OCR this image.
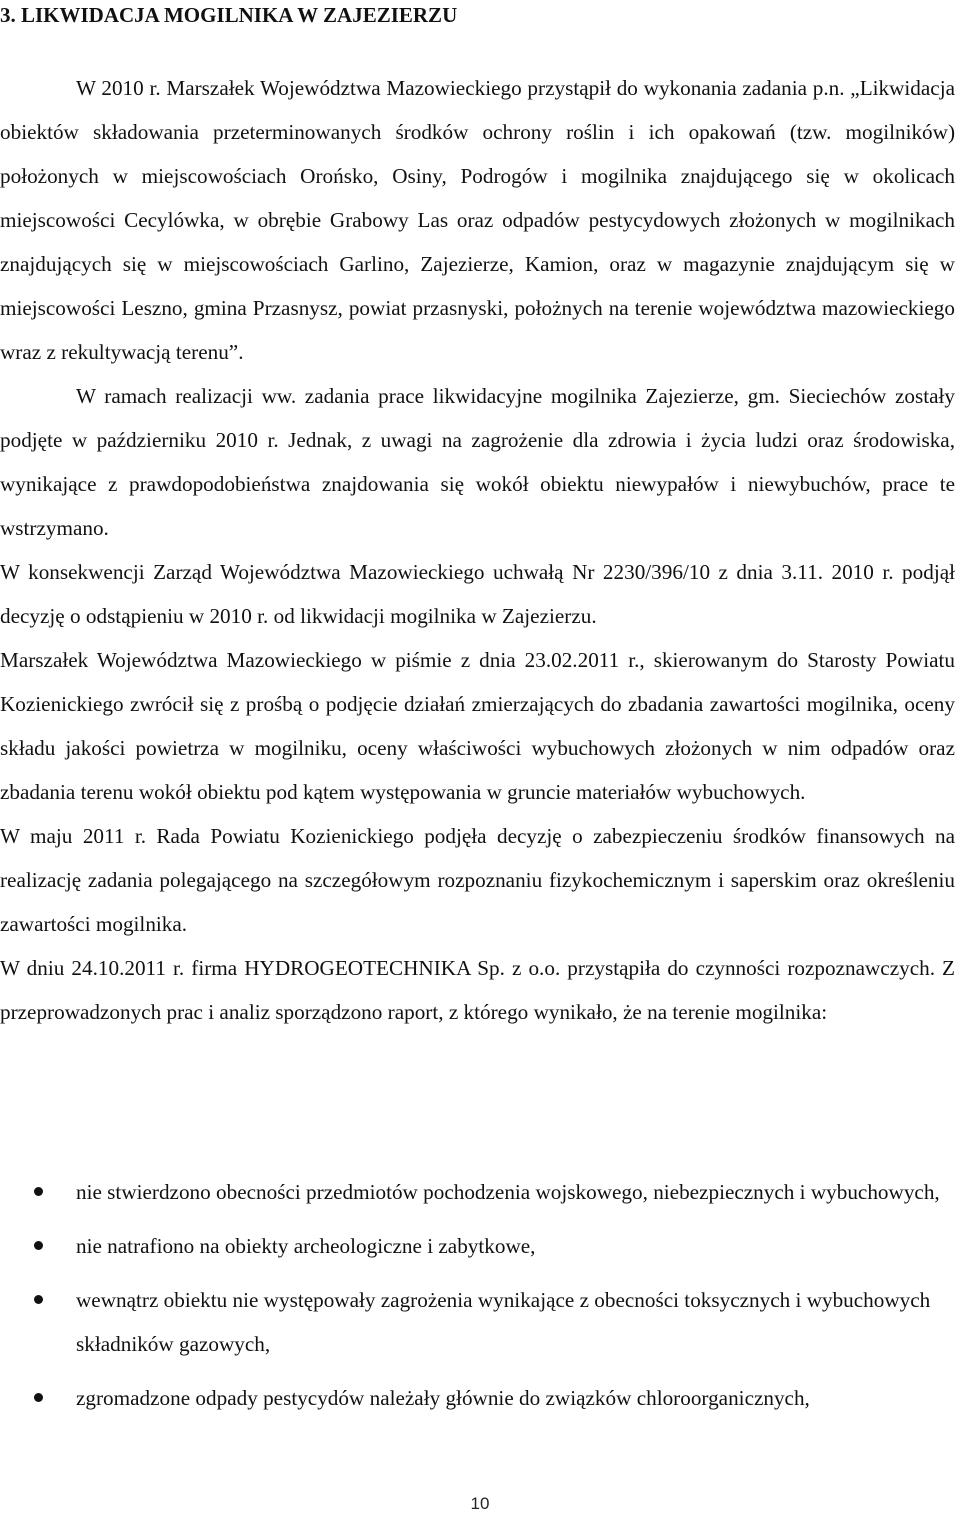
3. LIKWIDACJA MOGILNIKA W ZAJEZIERZU

W 2010 r. Marszałek Województwa Mazowieckiego przystąpił do wykonania zadania p.n. „Likwidacja obiektów składowania przeterminowanych środków ochrony roślin i ich opakowań (tzw. mogilników) położonych w miejscowościach Orońsko, Osiny, Podrogów i mogilnika znajdującego się w okolicach miejscowości Cecylówka, w obrębie Grabowy Las oraz odpadów pestycydowych złożonych w mogilnikach znajdujących się w miejscowościach Garlino, Zajezierze, Kamion, oraz w magazynie znajdującym się w miejscowości Leszno, gmina Przasnysz, powiat przasnyski, położnych na terenie województwa mazowieckiego wraz z rekultywacją terenu”.

W ramach realizacji ww. zadania prace likwidacyjne mogilnika Zajezierze, gm. Sieciechów zostały podjęte w październiku 2010 r. Jednak, z uwagi na zagrożenie dla zdrowia i życia ludzi oraz środowiska, wynikające z prawdopodobieństwa znajdowania się wokół obiektu niewypałów i niewybuchów, prace te wstrzymano.

W konsekwencji Zarząd Województwa Mazowieckiego uchwałą Nr 2230/396/10 z dnia 3.11. 2010 r. podjął decyzję o odstąpieniu w 2010 r. od likwidacji mogilnika w Zajezierzu.

Marszałek Województwa Mazowieckiego w piśmie z dnia 23.02.2011 r., skierowanym do Starosty Powiatu Kozienickiego zwrócił się z prośbą o podjęcie działań zmierzających do zbadania zawartości mogilnika, oceny składu jakości powietrza w mogilniku, oceny właściwości wybuchowych złożonych w nim odpadów oraz zbadania terenu wokół obiektu pod kątem występowania w gruncie materiałów wybuchowych.

W maju 2011 r. Rada Powiatu Kozienickiego podjęła decyzję o zabezpieczeniu środków finansowych na realizację zadania polegającego na szczegółowym rozpoznaniu fizykochemicznym i saperskim oraz określeniu zawartości mogilnika.

W dniu 24.10.2011 r. firma HYDROGEOTECHNIKA Sp. z o.o. przystąpiła do czynności rozpoznawczych. Z przeprowadzonych prac i analiz sporządzono raport, z którego wynikało, że na terenie mogilnika:

nie stwierdzono obecności przedmiotów pochodzenia wojskowego, niebezpiecznych i wybuchowych,
nie natrafiono na obiekty archeologiczne i zabytkowe,
wewnątrz obiektu nie występowały zagrożenia wynikające z obecności toksycznych i wybuchowych składników gazowych,
zgromadzone odpady pestycydów należały głównie do związków chloroorganicznych,
10
